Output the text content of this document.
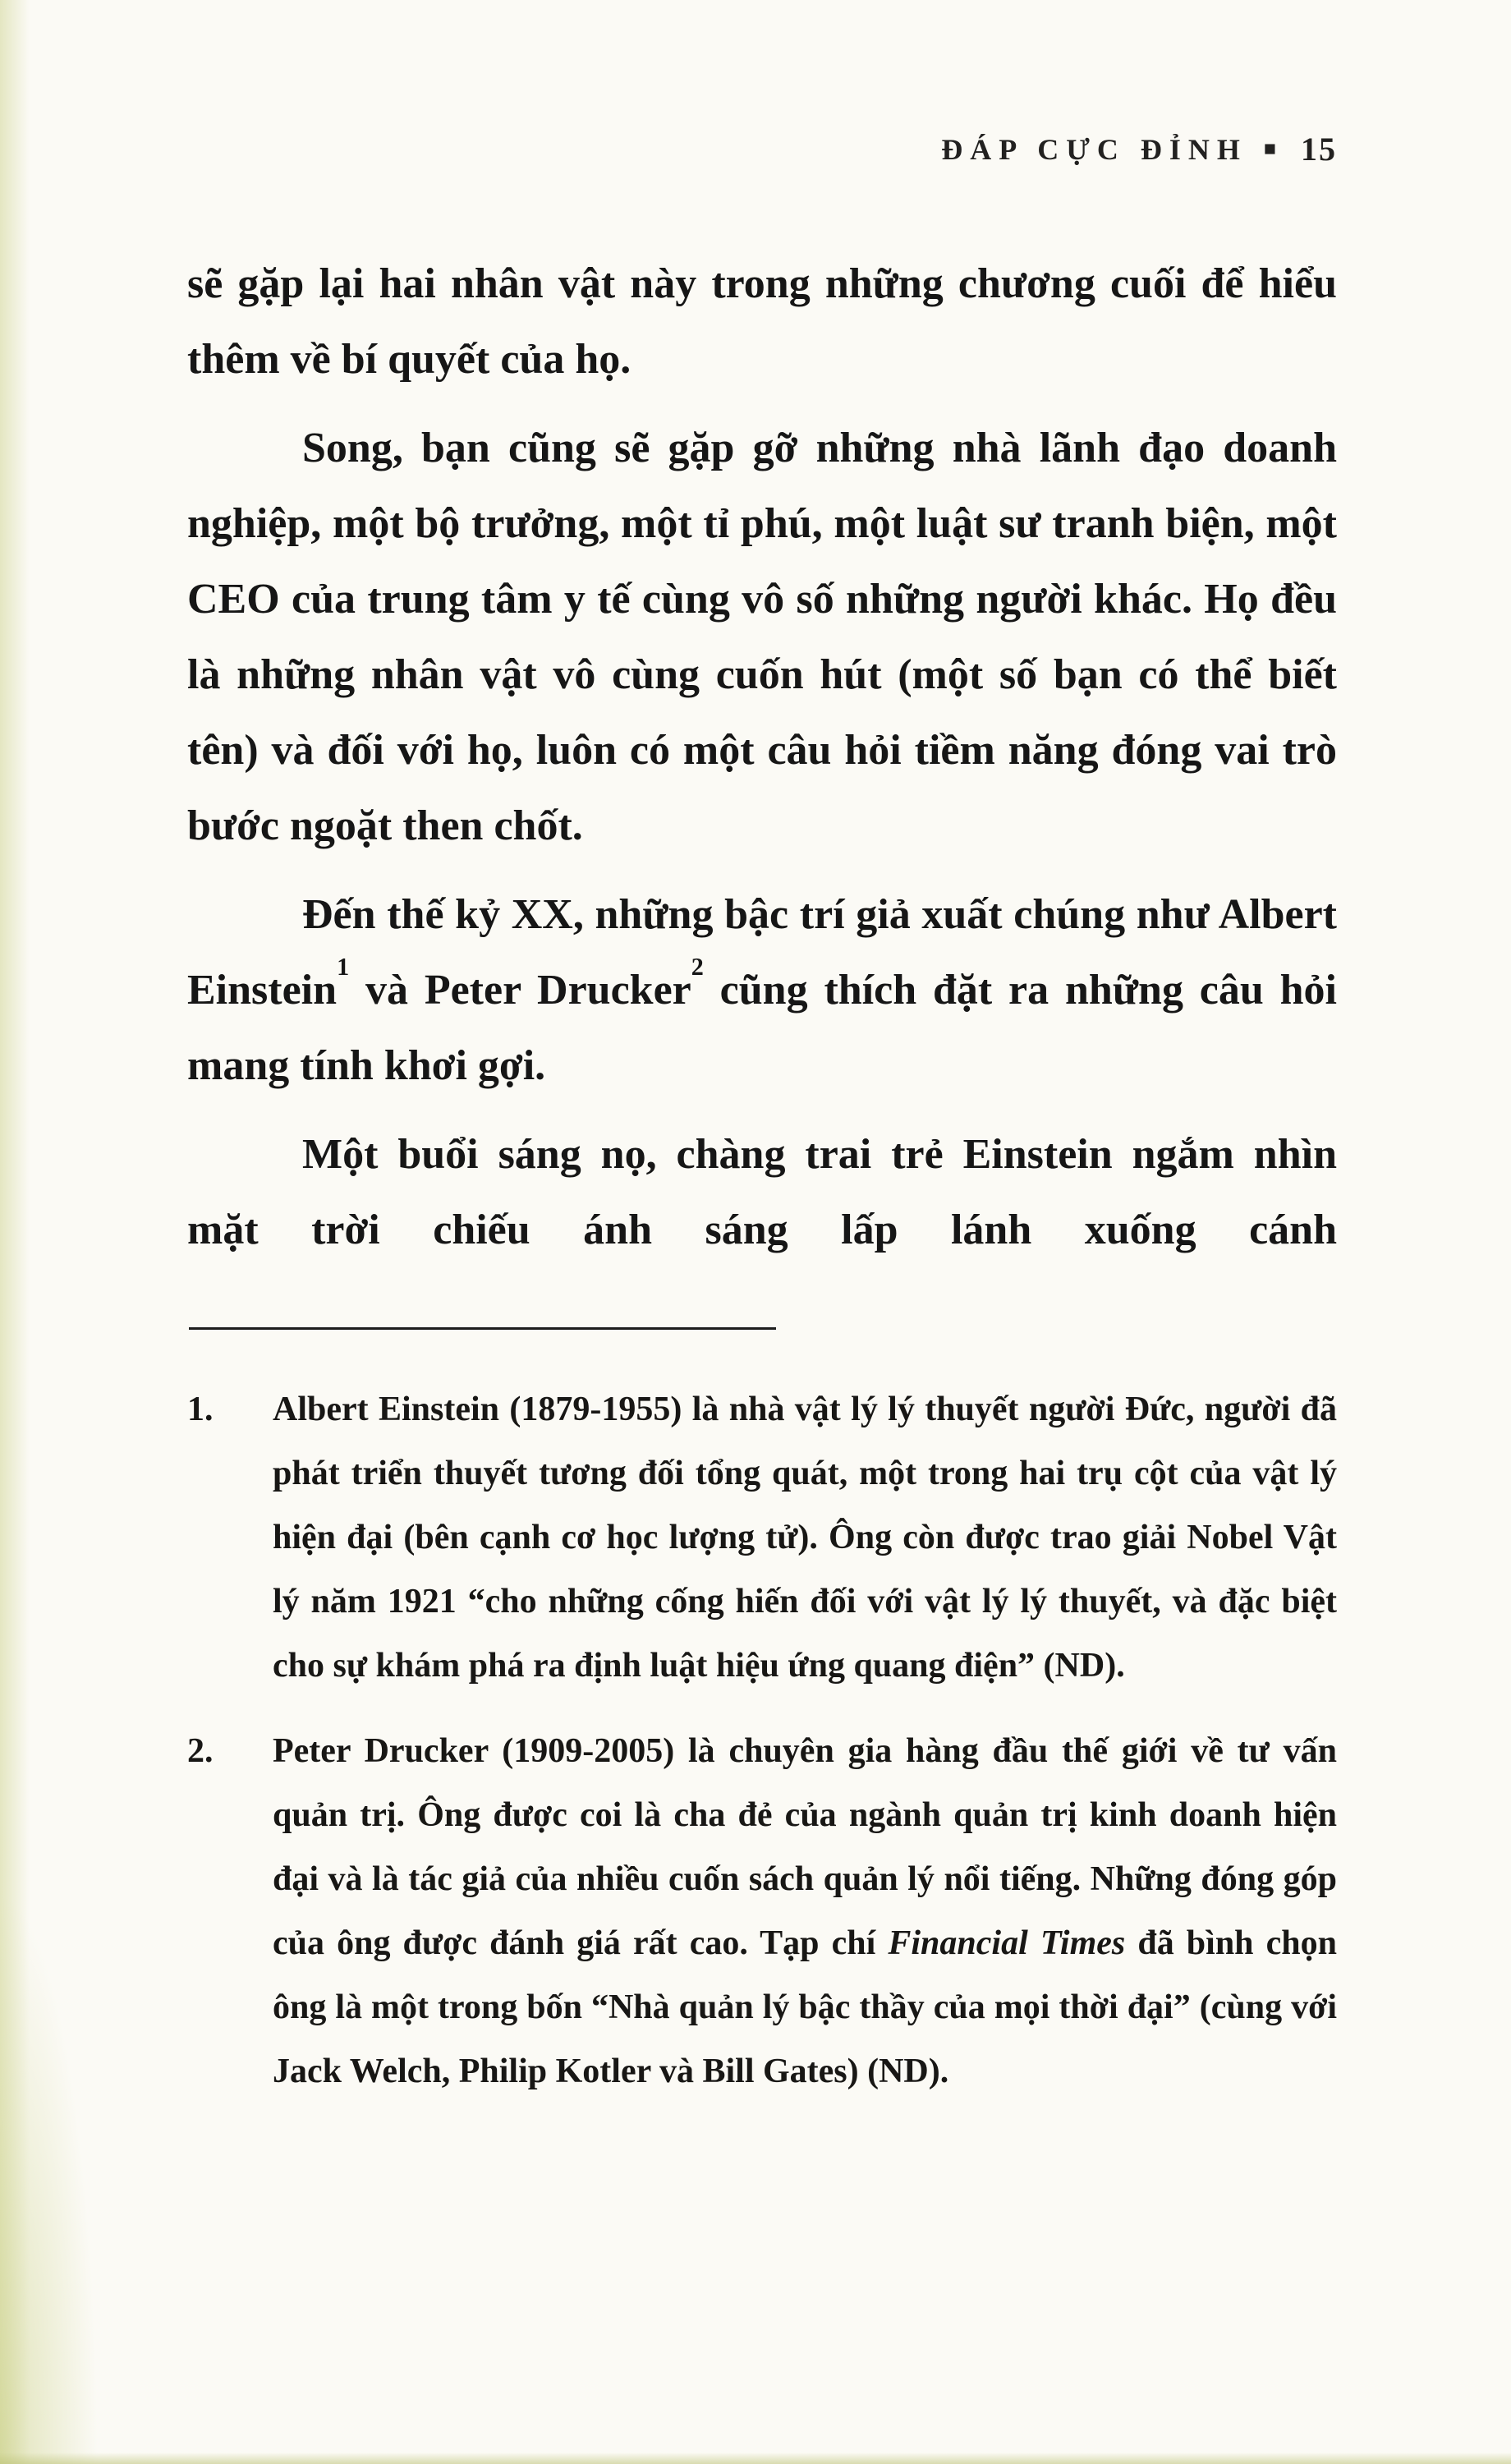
ĐÁP CỰC ĐỈNH ■ 15

sẽ gặp lại hai nhân vật này trong những chương cuối để hiểu thêm về bí quyết của họ.

Song, bạn cũng sẽ gặp gỡ những nhà lãnh đạo doanh nghiệp, một bộ trưởng, một tỉ phú, một luật sư tranh biện, một CEO của trung tâm y tế cùng vô số những người khác. Họ đều là những nhân vật vô cùng cuốn hút (một số bạn có thể biết tên) và đối với họ, luôn có một câu hỏi tiềm năng đóng vai trò bước ngoặt then chốt.

Đến thế kỷ XX, những bậc trí giả xuất chúng như Albert Einstein$^1$ và Peter Drucker$^2$ cũng thích đặt ra những câu hỏi mang tính khơi gợi.

Một buổi sáng nọ, chàng trai trẻ Einstein ngắm nhìn mặt trời chiếu ánh sáng lấp lánh xuống cánh

1.	Albert Einstein (1879-1955) là nhà vật lý lý thuyết người Đức, người đã phát triển thuyết tương đối tổng quát, một trong hai trụ cột của vật lý hiện đại (bên cạnh cơ học lượng tử). Ông còn được trao giải Nobel Vật lý năm 1921 “cho những cống hiến đối với vật lý lý thuyết, và đặc biệt cho sự khám phá ra định luật hiệu ứng quang điện” (ND).
2.	Peter Drucker (1909-2005) là chuyên gia hàng đầu thế giới về tư vấn quản trị. Ông được coi là cha đẻ của ngành quản trị kinh doanh hiện đại và là tác giả của nhiều cuốn sách quản lý nổi tiếng. Những đóng góp của ông được đánh giá rất cao. Tạp chí Financial Times đã bình chọn ông là một trong bốn “Nhà quản lý bậc thầy của mọi thời đại” (cùng với Jack Welch, Philip Kotler và Bill Gates) (ND).
